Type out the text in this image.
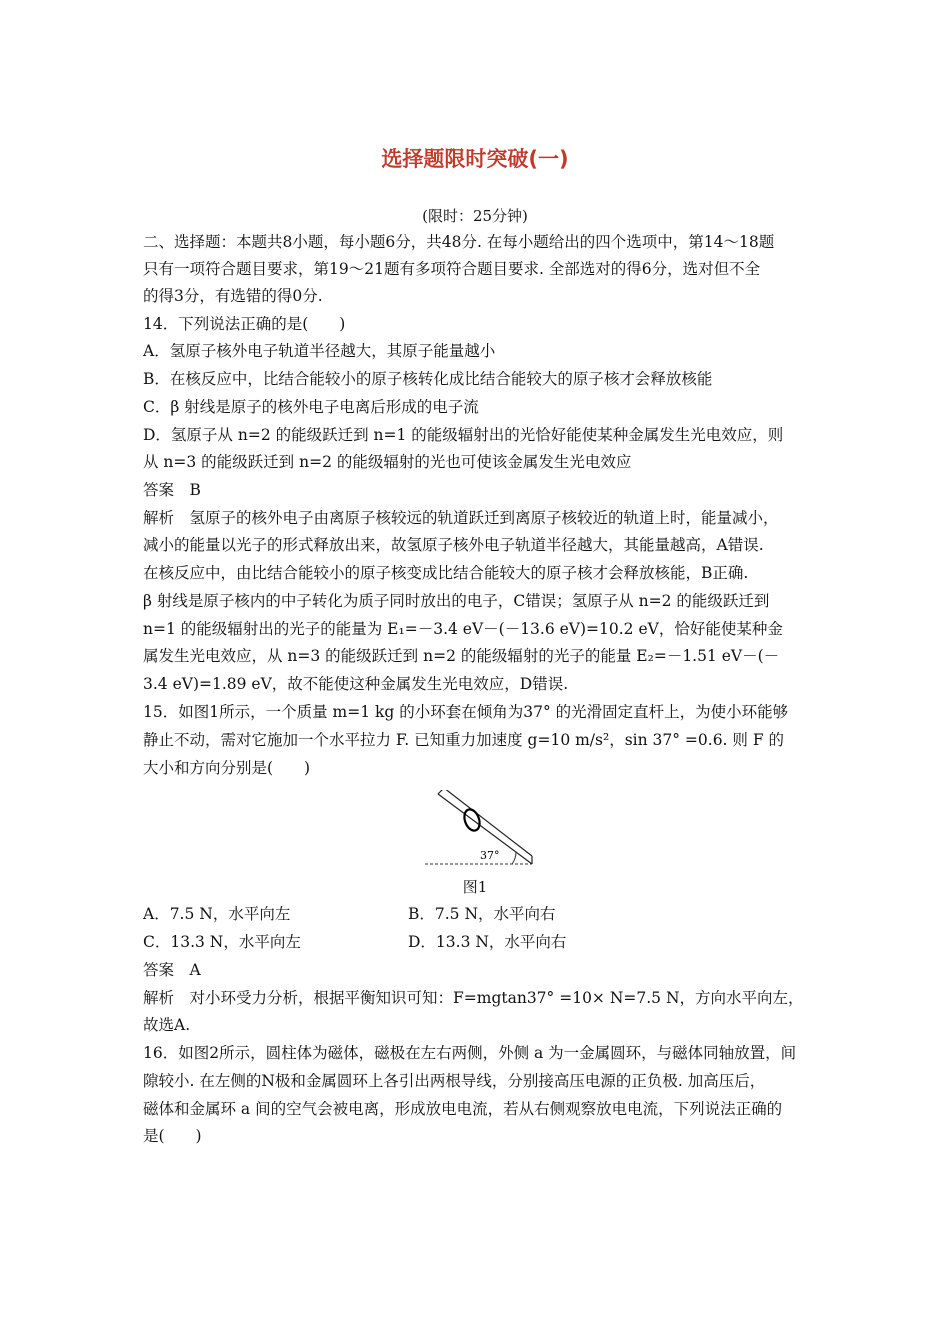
选择题限时突破(一)
(限时：25分钟)
二、选择题：本题共8小题，每小题6分，共48分. 在每小题给出的四个选项中，第14～18题
只有一项符合题目要求，第19～21题有多项符合题目要求. 全部选对的得6分，选对但不全
的得3分，有选错的得0分.
14．下列说法正确的是(　　)
A．氢原子核外电子轨道半径越大，其原子能量越小
B．在核反应中，比结合能较小的原子核转化成比结合能较大的原子核才会释放核能
C．β 射线是原子的核外电子电离后形成的电子流
D．氢原子从 n=2 的能级跃迁到 n=1 的能级辐射出的光恰好能使某种金属发生光电效应，则
从 n=3 的能级跃迁到 n=2 的能级辐射的光也可使该金属发生光电效应
答案　B
解析　氢原子的核外电子由离原子核较远的轨道跃迁到离原子核较近的轨道上时，能量减小，
减小的能量以光子的形式释放出来，故氢原子核外电子轨道半径越大，其能量越高，A错误.
在核反应中，由比结合能较小的原子核变成比结合能较大的原子核才会释放核能，B正确.
β 射线是原子核内的中子转化为质子同时放出的电子，C错误；氢原子从 n=2 的能级跃迁到
n=1 的能级辐射出的光子的能量为 E₁=－3.4 eV－(－13.6 eV)=10.2 eV，恰好能使某种金
属发生光电效应，从 n=3 的能级跃迁到 n=2 的能级辐射的光子的能量 E₂=－1.51 eV－(－
3.4 eV)=1.89 eV，故不能使这种金属发生光电效应，D错误.
15．如图1所示，一个质量 m=1 kg 的小环套在倾角为37° 的光滑固定直杆上，为使小环能够
静止不动，需对它施加一个水平拉力 F. 已知重力加速度 g=10 m/s²，sin 37° =0.6. 则 F 的
大小和方向分别是(　　)
37°
图1
A．7.5 N，水平向左	B．7.5 N，水平向右
C．13.3 N，水平向左	D．13.3 N，水平向右
答案　A
解析　对小环受力分析，根据平衡知识可知：F=mgtan37° =10× N=7.5 N，方向水平向左，
故选A.
16．如图2所示，圆柱体为磁体，磁极在左右两侧，外侧 a 为一金属圆环，与磁体同轴放置，间
隙较小. 在左侧的N极和金属圆环上各引出两根导线，分别接高压电源的正负极. 加高压后，
磁体和金属环 a 间的空气会被电离，形成放电电流，若从右侧观察放电电流，下列说法正确的
是(　　)
